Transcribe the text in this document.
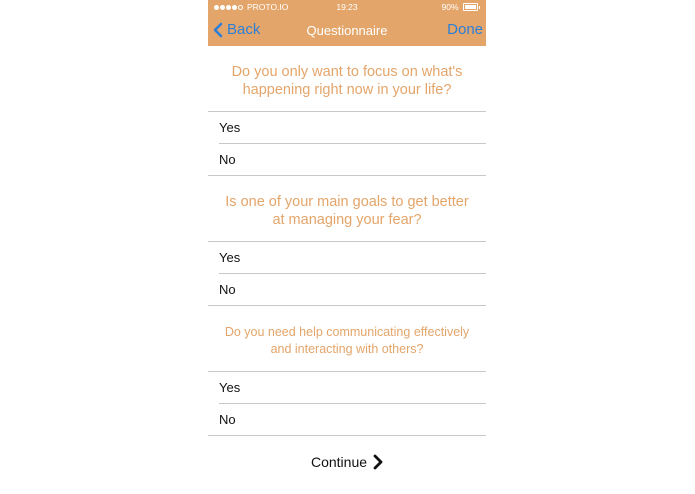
PROTO.IO	19:23	90%
Back	Questionnaire	Done
Do you only want to focus on what's happening right now in your life?
Yes
No
Is one of your main goals to get better at managing your fear?
Yes
No
Do you need help communicating effectively and interacting with others?
Yes
No
Continue
